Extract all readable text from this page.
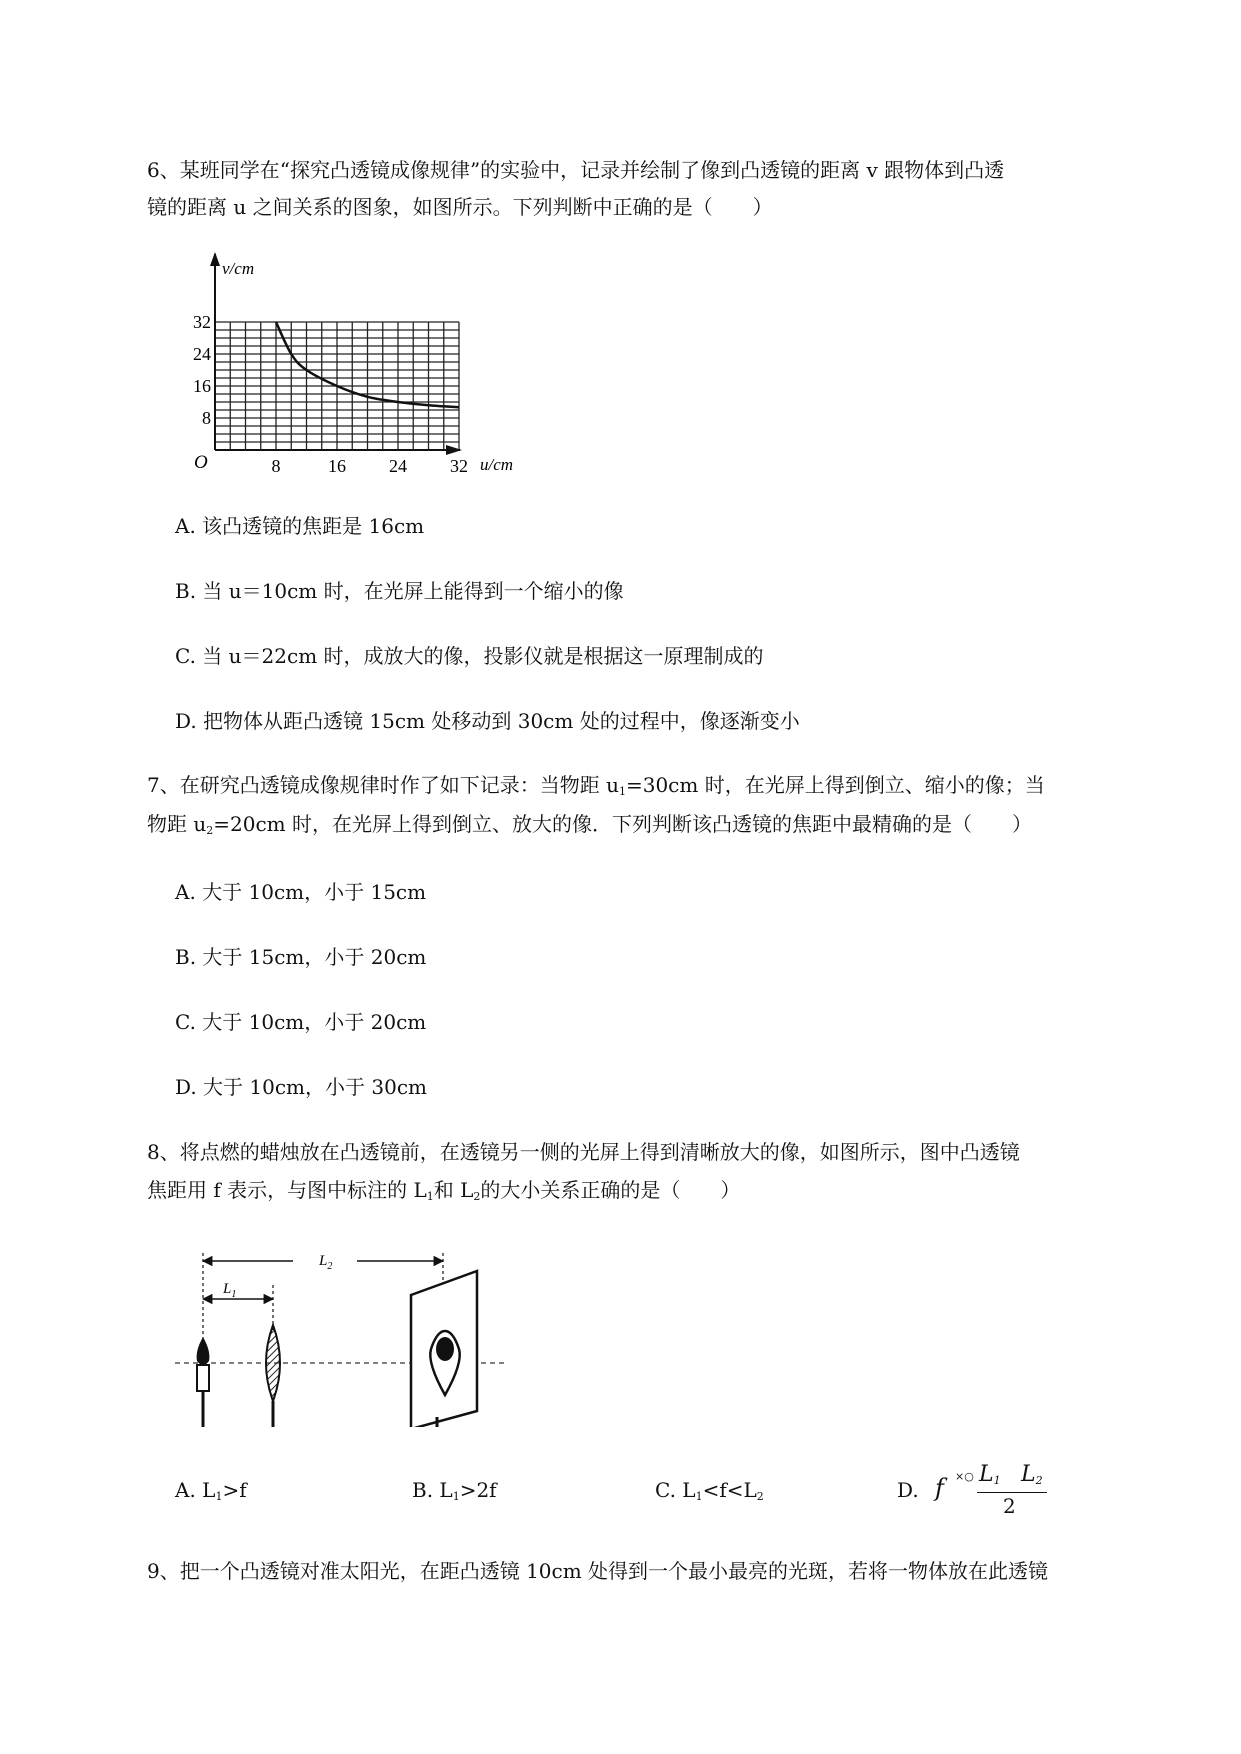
6、某班同学在“探究凸透镜成像规律”的实验中，记录并绘制了像到凸透镜的距离 v 跟物体到凸透
镜的距离 u 之间关系的图象，如图所示。下列判断中正确的是（　　）
8	16 24 32
8
16
24
32
v/cm
u/cm
O
A. 该凸透镜的焦距是 16cm
B. 当 u＝10cm 时，在光屏上能得到一个缩小的像
C. 当 u＝22cm 时，成放大的像，投影仪就是根据这一原理制成的
D. 把物体从距凸透镜 15cm 处移动到 30cm 处的过程中，像逐渐变小
7、在研究凸透镜成像规律时作了如下记录：当物距 $u_1=30cm$ 时，在光屏上得到倒立、缩小的像；当
物距 $u_2=20cm$ 时，在光屏上得到倒立、放大的像．下列判断该凸透镜的焦距中最精确的是（　　）
A. 大于 10cm，小于 15cm
B. 大于 15cm，小于 20cm
C. 大于 10cm，小于 20cm
D. 大于 10cm，小于 30cm
8、将点燃的蜡烛放在凸透镜前，在透镜另一侧的光屏上得到清晰放大的像，如图所示，图中凸透镜
焦距用 f 表示，与图中标注的 $L_1$和 $L_2$的大小关系正确的是（　　）
$L_2$
$L_1$
A. $L_1>f$	B. $L_1>2f$	C. $L_1<f<L_2$	D. f ×○ $L_1$ $L_2$
2
9、把一个凸透镜对准太阳光，在距凸透镜 10cm 处得到一个最小最亮的光斑，若将一物体放在此透镜
